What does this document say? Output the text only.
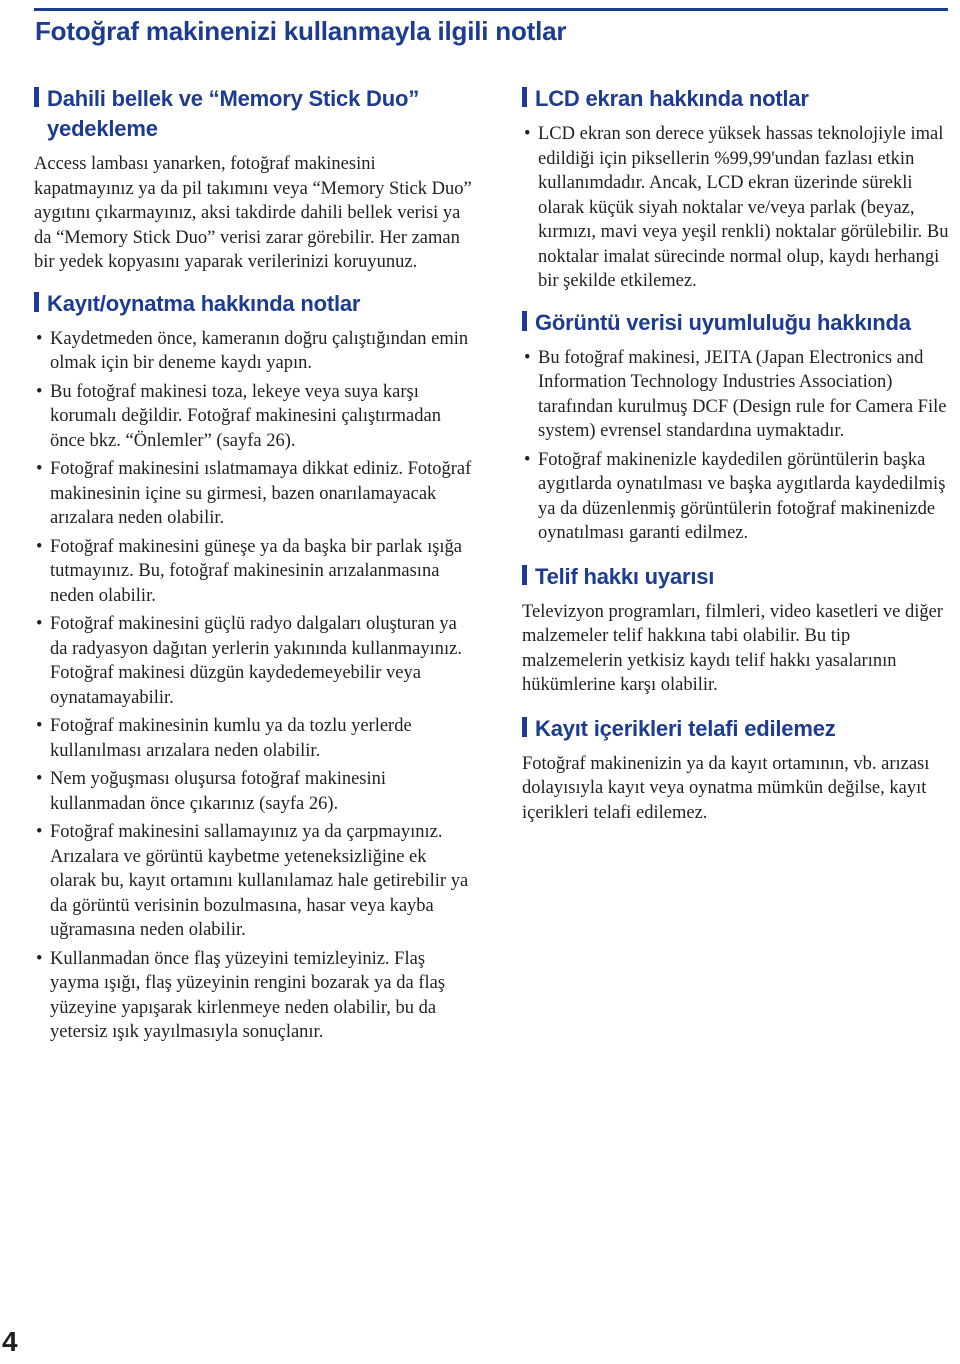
Fotoğraf makinenizi kullanmayla ilgili notlar
Dahili bellek ve “Memory Stick Duo” yedekleme

Access lambası yanarken, fotoğraf makinesini kapatmayınız ya da pil takımını veya “Memory Stick Duo” aygıtını çıkarmayınız, aksi takdirde dahili bellek verisi ya da “Memory Stick Duo” verisi zarar görebilir. Her zaman bir yedek kopyasını yaparak verilerinizi koruyunuz.

Kayıt/oynatma hakkında notlar
• Kaydetmeden önce, kameranın doğru çalıştığından emin olmak için bir deneme kaydı yapın.
• Bu fotoğraf makinesi toza, lekeye veya suya karşı korumalı değildir. Fotoğraf makinesini çalıştırmadan önce bkz. “Önlemler” (sayfa 26).
• Fotoğraf makinesini ıslatmamaya dikkat ediniz. Fotoğraf makinesinin içine su girmesi, bazen onarılamayacak arızalara neden olabilir.
• Fotoğraf makinesini güneşe ya da başka bir parlak ışığa tutmayınız. Bu, fotoğraf makinesinin arızalanmasına neden olabilir.
• Fotoğraf makinesini güçlü radyo dalgaları oluşturan ya da radyasyon dağıtan yerlerin yakınında kullanmayınız. Fotoğraf makinesi düzgün kaydedemeyebilir veya oynatamayabilir.
• Fotoğraf makinesinin kumlu ya da tozlu yerlerde kullanılması arızalara neden olabilir.
• Nem yoğuşması oluşursa fotoğraf makinesini kullanmadan önce çıkarınız (sayfa 26).
• Fotoğraf makinesini sallamayınız ya da çarpmayınız. Arızalara ve görüntü kaybetme yeteneksizliğine ek olarak bu, kayıt ortamını kullanılamaz hale getirebilir ya da görüntü verisinin bozulmasına, hasar veya kayba uğramasına neden olabilir.
• Kullanmadan önce flaş yüzeyini temizleyiniz. Flaş yayma ışığı, flaş yüzeyinin rengini bozarak ya da flaş yüzeyine yapışarak kirlenmeye neden olabilir, bu da yetersiz ışık yayılmasıyla sonuçlanır.
LCD ekran hakkında notlar
• LCD ekran son derece yüksek hassas teknolojiyle imal edildiği için piksellerin %99,99'undan fazlası etkin kullanımdadır. Ancak, LCD ekran üzerinde sürekli olarak küçük siyah noktalar ve/veya parlak (beyaz, kırmızı, mavi veya yeşil renkli) noktalar görülebilir. Bu noktalar imalat sürecinde normal olup, kaydı herhangi bir şekilde etkilemez.
Görüntü verisi uyumluluğu hakkında
• Bu fotoğraf makinesi, JEITA (Japan Electronics and Information Technology Industries Association) tarafından kurulmuş DCF (Design rule for Camera File system) evrensel standardına uymaktadır.
• Fotoğraf makinenizle kaydedilen görüntülerin başka aygıtlarda oynatılması ve başka aygıtlarda kaydedilmiş ya da düzenlenmiş görüntülerin fotoğraf makinenizde oynatılması garanti edilmez.
Telif hakkı uyarısı

Televizyon programları, filmleri, video kasetleri ve diğer malzemeler telif hakkına tabi olabilir. Bu tip malzemelerin yetkisiz kaydı telif hakkı yasalarının hükümlerine karşı olabilir.

Kayıt içerikleri telafi edilemez

Fotoğraf makinenizin ya da kayıt ortamının, vb. arızası dolayısıyla kayıt veya oynatma mümkün değilse, kayıt içerikleri telafi edilemez.

4
